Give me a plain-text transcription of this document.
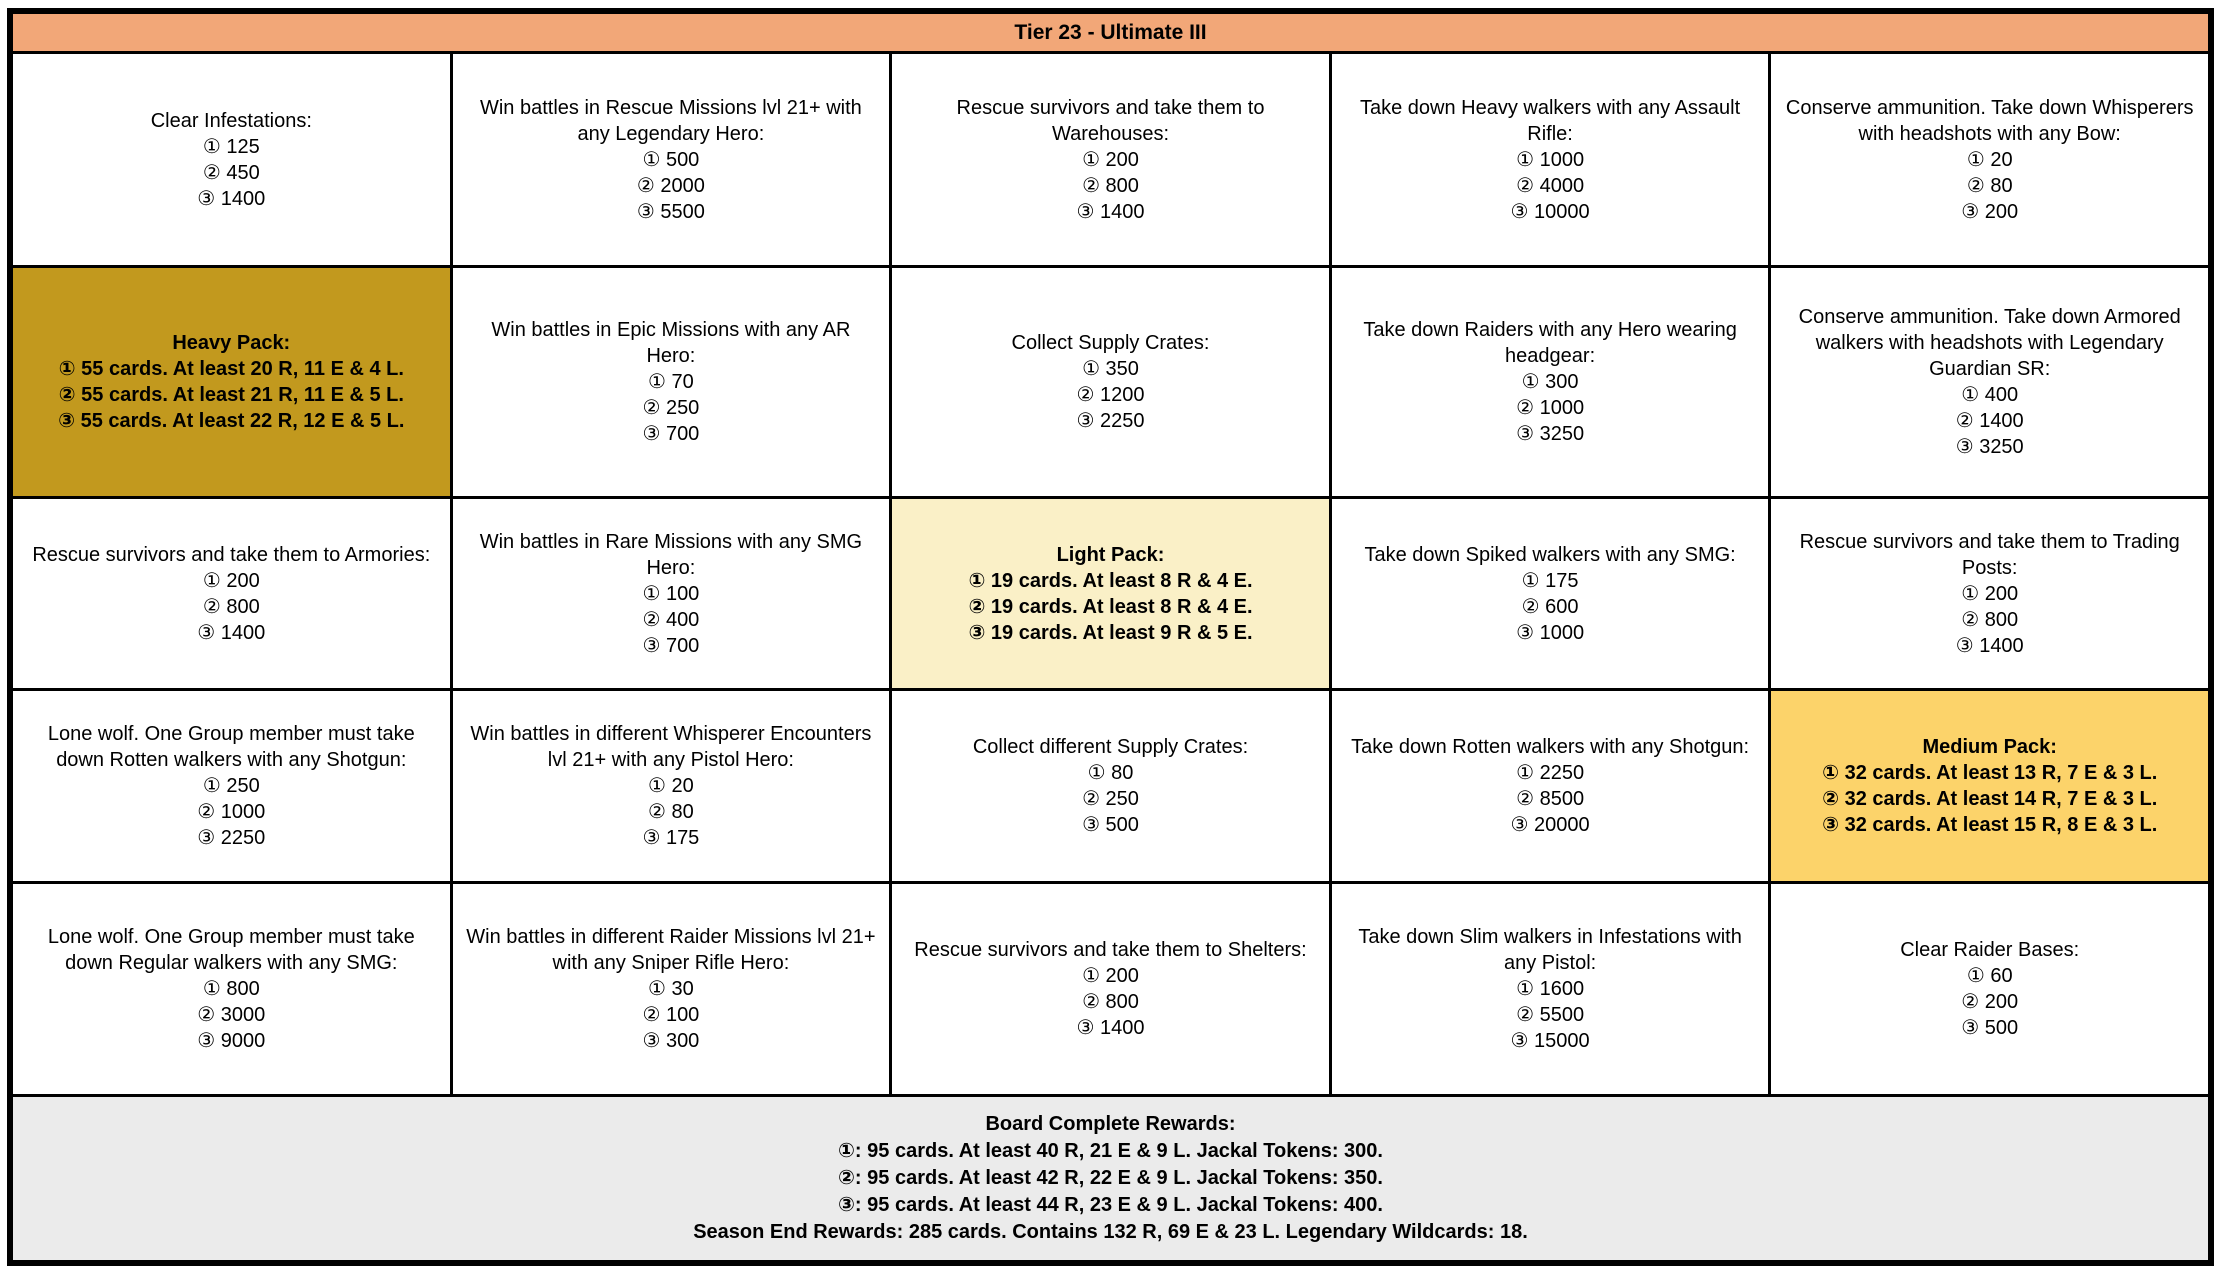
Tier 23 - Ultimate III
Clear Infestations:
① 125
② 450
③ 1400
Win battles in Rescue Missions lvl 21+ with any Legendary Hero:
① 500
② 2000
③ 5500
Rescue survivors and take them to Warehouses:
① 200
② 800
③ 1400
Take down Heavy walkers with any Assault Rifle:
① 1000
② 4000
③ 10000
Conserve ammunition. Take down Whisperers with headshots with any Bow:
① 20
② 80
③ 200
Heavy Pack:
① 55 cards. At least 20 R, 11 E & 4 L.
② 55 cards. At least 21 R, 11 E & 5 L.
③ 55 cards. At least 22 R, 12 E & 5 L.
Win battles in Epic Missions with any AR Hero:
① 70
② 250
③ 700
Collect Supply Crates:
① 350
② 1200
③ 2250
Take down Raiders with any Hero wearing headgear:
① 300
② 1000
③ 3250
Conserve ammunition. Take down Armored walkers with headshots with Legendary Guardian SR:
① 400
② 1400
③ 3250
Rescue survivors and take them to Armories:
① 200
② 800
③ 1400
Win battles in Rare Missions with any SMG Hero:
① 100
② 400
③ 700
Light Pack:
① 19 cards. At least 8 R & 4 E.
② 19 cards. At least 8 R & 4 E.
③ 19 cards. At least 9 R & 5 E.
Take down Spiked walkers with any SMG:
① 175
② 600
③ 1000
Rescue survivors and take them to Trading Posts:
① 200
② 800
③ 1400
Lone wolf. One Group member must take down Rotten walkers with any Shotgun:
① 250
② 1000
③ 2250
Win battles in different Whisperer Encounters lvl 21+ with any Pistol Hero:
① 20
② 80
③ 175
Collect different Supply Crates:
① 80
② 250
③ 500
Take down Rotten walkers with any Shotgun:
① 2250
② 8500
③ 20000
Medium Pack:
① 32 cards. At least 13 R, 7 E & 3 L.
② 32 cards. At least 14 R, 7 E & 3 L.
③ 32 cards. At least 15 R, 8 E & 3 L.
Lone wolf. One Group member must take down Regular walkers with any SMG:
① 800
② 3000
③ 9000
Win battles in different Raider Missions lvl 21+ with any Sniper Rifle Hero:
① 30
② 100
③ 300
Rescue survivors and take them to Shelters:
① 200
② 800
③ 1400
Take down Slim walkers in Infestations with any Pistol:
① 1600
② 5500
③ 15000
Clear Raider Bases:
① 60
② 200
③ 500
Board Complete Rewards:
①: 95 cards. At least 40 R, 21 E & 9 L. Jackal Tokens: 300.
②: 95 cards. At least 42 R, 22 E & 9 L. Jackal Tokens: 350.
③: 95 cards. At least 44 R, 23 E & 9 L. Jackal Tokens: 400.
Season End Rewards: 285 cards. Contains 132 R, 69 E & 23 L. Legendary Wildcards: 18.
